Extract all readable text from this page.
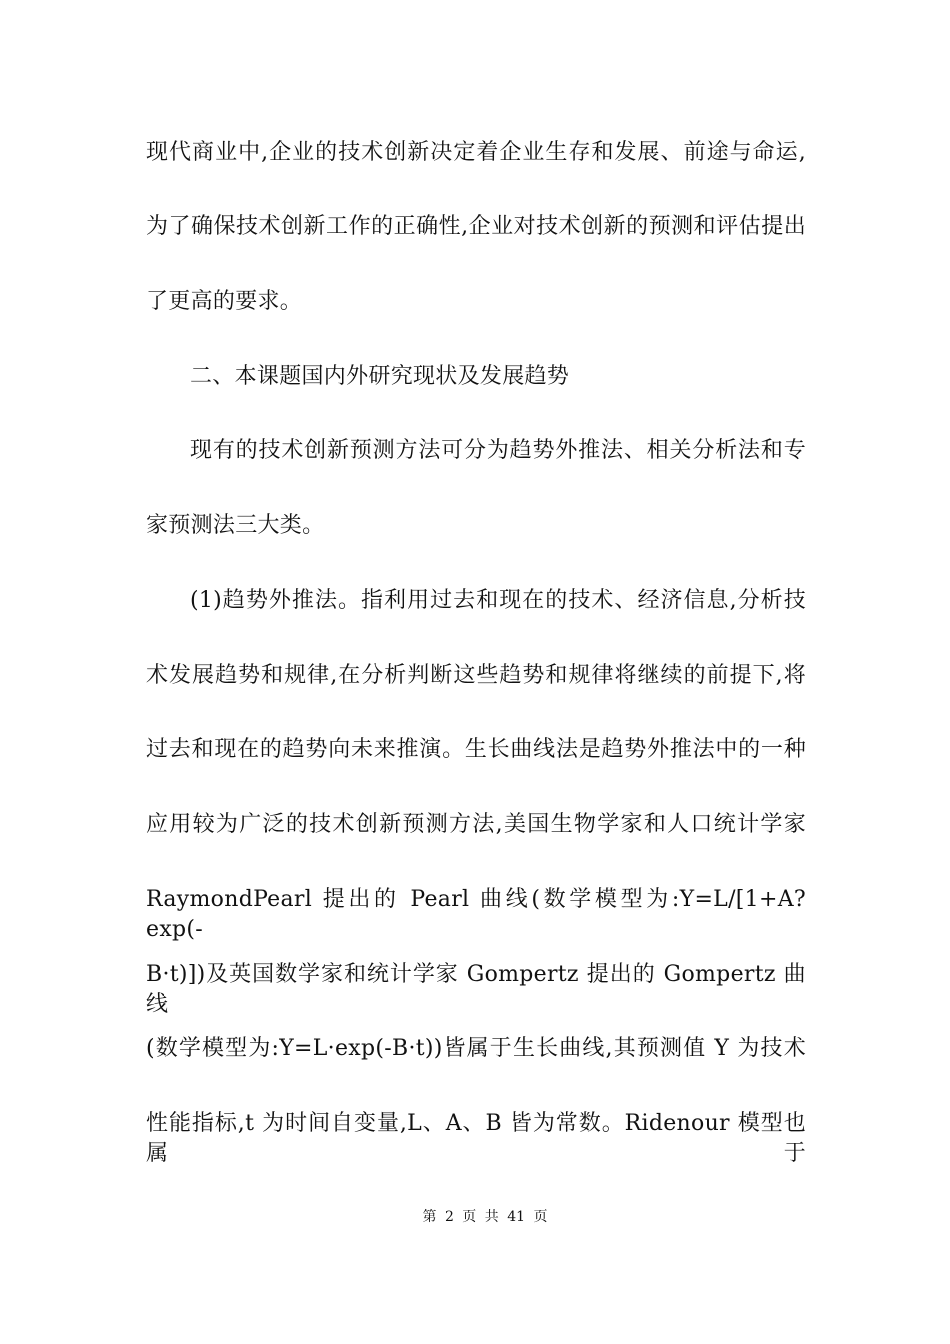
现代商业中,企业的技术创新决定着企业生存和发展、前途与命运,
为了确保技术创新工作的正确性,企业对技术创新的预测和评估提出
了更高的要求。
二、本课题国内外研究现状及发展趋势
现有的技术创新预测方法可分为趋势外推法、相关分析法和专
家预测法三大类。
(1)趋势外推法。指利用过去和现在的技术、经济信息,分析技
术发展趋势和规律,在分析判断这些趋势和规律将继续的前提下,将
过去和现在的趋势向未来推演。生长曲线法是趋势外推法中的一种
应用较为广泛的技术创新预测方法,美国生物学家和人口统计学家
RaymondPearl 提出的 Pearl 曲线(数学模型为:Y=L/[1+A?exp(-
B·t)])及英国数学家和统计学家 Gompertz 提出的 Gompertz 曲线
(数学模型为:Y=L·exp(-B·t))皆属于生长曲线,其预测值 Y 为技术
性能指标,t 为时间自变量,L、A、B 皆为常数。Ridenour 模型也属于
第 2 页 共 41 页
